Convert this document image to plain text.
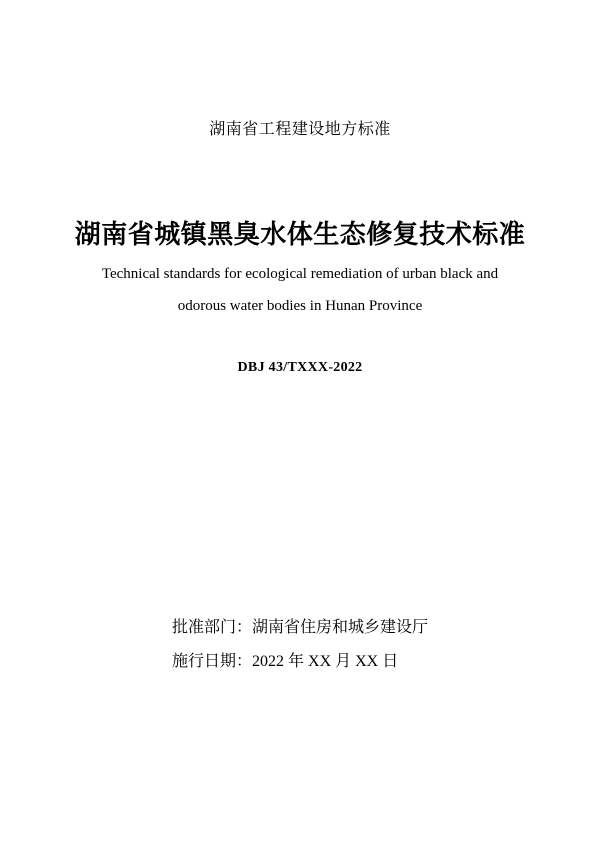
湖南省工程建设地方标准
湖南省城镇黑臭水体生态修复技术标准
Technical standards for ecological remediation of urban black and
odorous water bodies in Hunan Province
DBJ 43/TXXX-2022
批准部门：湖南省住房和城乡建设厅
施行日期：2022 年 XX 月 XX 日
